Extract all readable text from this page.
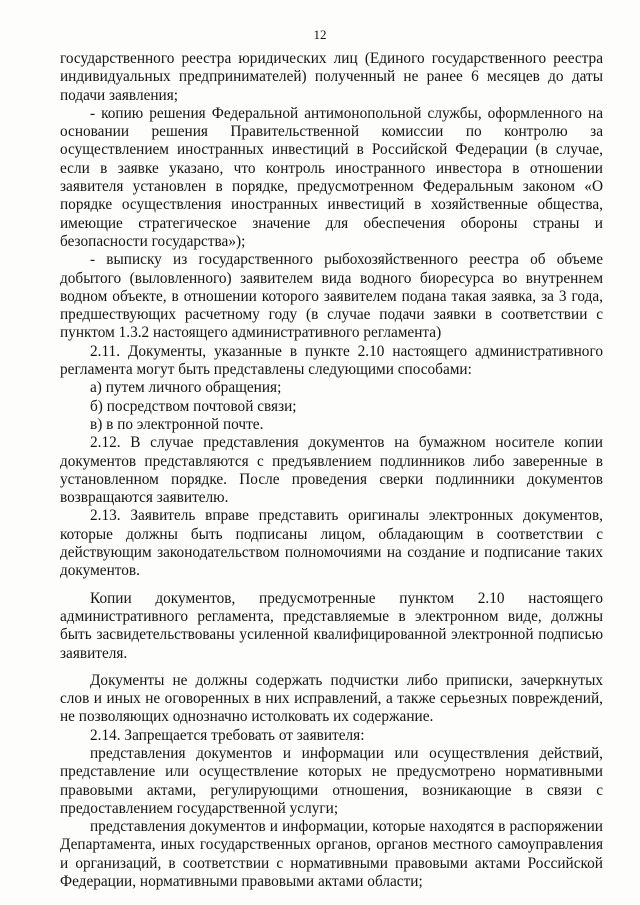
12

государственного реестра юридических лиц (Единого государственного реестра индивидуальных предпринимателей) полученный не ранее 6 месяцев до даты подачи заявления;

- копию решения Федеральной антимонопольной службы, оформленного на основании решения Правительственной комиссии по контролю за осуществлением иностранных инвестиций в Российской Федерации (в случае, если в заявке указано, что контроль иностранного инвестора в отношении заявителя установлен в порядке, предусмотренном Федеральным законом «О порядке осуществления иностранных инвестиций в хозяйственные общества, имеющие стратегическое значение для обеспечения обороны страны и безопасности государства»);

- выписку из государственного рыбохозяйственного реестра об объеме добытого (выловленного) заявителем вида водного биоресурса во внутреннем водном объекте, в отношении которого заявителем подана такая заявка, за 3 года, предшествующих расчетному году (в случае подачи заявки в соответствии с пунктом 1.3.2 настоящего административного регламента)

2.11. Документы, указанные в пункте 2.10 настоящего административного регламента могут быть представлены следующими способами:

а) путем личного обращения;

б) посредством почтовой связи;

в) в по электронной почте.

2.12. В случае представления документов на бумажном носителе копии документов представляются с предъявлением подлинников либо заверенные в установленном порядке. После проведения сверки подлинники документов возвращаются заявителю.

2.13. Заявитель вправе представить оригиналы электронных документов, которые должны быть подписаны лицом, обладающим в соответствии с действующим законодательством полномочиями на создание и подписание таких документов.

Копии документов, предусмотренные пунктом 2.10 настоящего административного регламента, представляемые в электронном виде, должны быть засвидетельствованы усиленной квалифицированной электронной подписью заявителя.

Документы не должны содержать подчистки либо приписки, зачеркнутых слов и иных не оговоренных в них исправлений, а также серьезных повреждений, не позволяющих однозначно истолковать их содержание.

2.14. Запрещается требовать от заявителя:

представления документов и информации или осуществления действий, представление или осуществление которых не предусмотрено нормативными правовыми актами, регулирующими отношения, возникающие в связи с предоставлением государственной услуги;

представления документов и информации, которые находятся в распоряжении Департамента, иных государственных органов, органов местного самоуправления и организаций, в соответствии с нормативными правовыми актами Российской Федерации, нормативными правовыми актами области;
